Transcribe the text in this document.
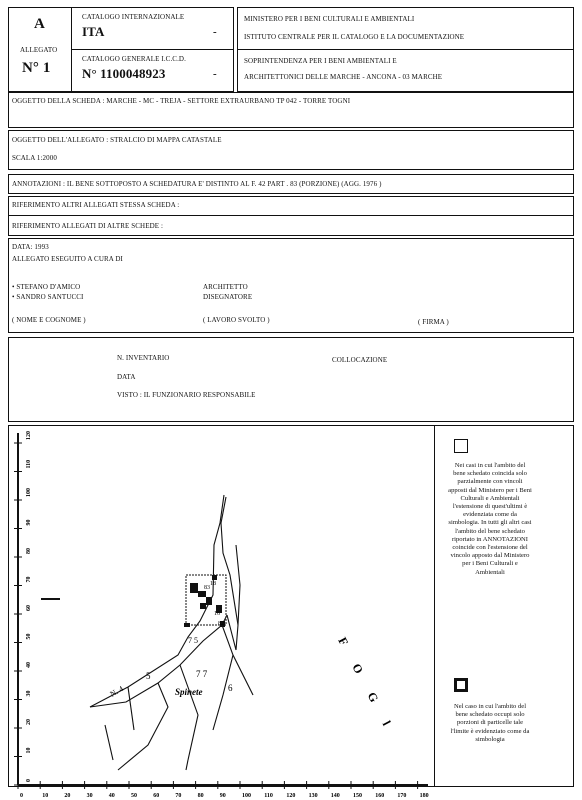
A
ALLEGATO
N° 1
CATALOGO INTERNAZIONALE
ITA	-
CATALOGO GENERALE I.C.C.D.
N° 1100048923	-
MINISTERO PER I BENI CULTURALI E AMBIENTALI
ISTITUTO CENTRALE PER IL CATALOGO E LA DOCUMENTAZIONE
SOPRINTENDENZA PER I BENI AMBIENTALI E
ARCHITETTONICI DELLE MARCHE - ANCONA - 03 MARCHE
OGGETTO DELLA SCHEDA : MARCHE - MC - TREJA - SETTORE EXTRAURBANO TP 042 - TORRE TOGNI
OGGETTO DELL'ALLEGATO : STRALCIO DI MAPPA CATASTALE
SCALA 1:2000
ANNOTAZIONI : IL BENE SOTTOPOSTO A SCHEDATURA E' DISTINTO AL F. 42 PART . 83 (PORZIONE) (AGG. 1976 )
RIFERIMENTO ALTRI ALLEGATI STESSA SCHEDA :
RIFERIMENTO ALLEGATI DI ALTRE SCHEDE :
DATA: 1993
ALLEGATO ESEGUITO A CURA DI
• STEFANO D'AMICO
• SANDRO SANTUCCI
ARCHITETTO
DISEGNATORE
( NOME E COGNOME )	( LAVORO SVOLTO )	( FIRMA )
N. INVENTARIO	COLLOCAZIONE
DATA
VISTO : IL FUNZIONARIO RESPONSABILE
0
10
20
30
40
50
60
70
80
90
100
110
120
0	10	20	30	40	50	60	70	80	90	100 110 120 130 140 150 160 170 180
5	7 7
6
7 5
N. 4
16
83
82
18
Spinete	F O G l
Nei casi in cui l'ambito del bene schedato coincida solo parzialmente con vincoli apposti dal Ministero per i Beni Culturali e Ambientali l'estensione di quest'ultimi è evidenziata come da simbologia. In tutti gli altri casi l'ambito del bene schedato riportato in ANNOTAZIONI coincide con l'estensione del vincolo apposto dal Ministero per i Beni Culturali e Ambientali
Nel caso in cui l'ambito del bene schedato occupi solo porzioni di particelle tale l'limite è evidenziato come da simbologia
